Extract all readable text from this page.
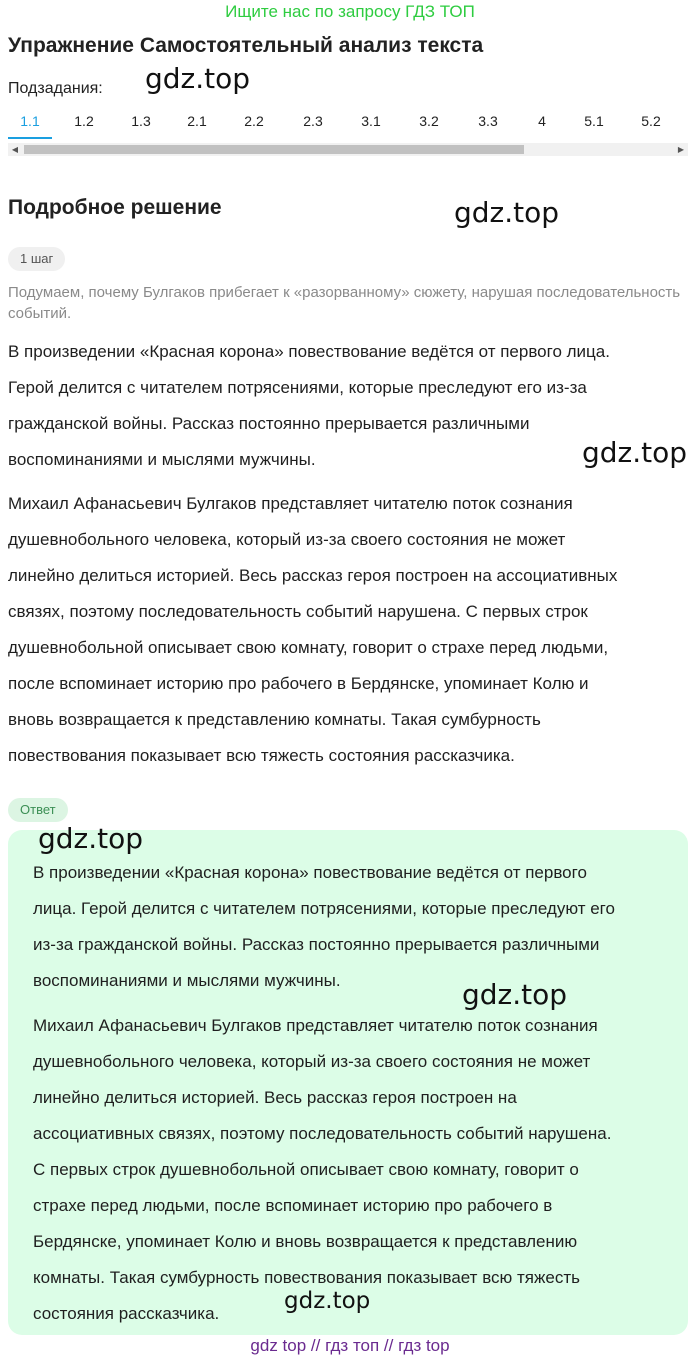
Ищите нас по запросу ГДЗ ТОП
Упражнение Самостоятельный анализ текста
Подзадания: gdz.top
1.1	1.2	1.3	2.1	2.2	2.3	3.1	3.2	3.3	4	5.1	5.2
◀	▶
Подробное решение	gdz.top
1 шаг

Подумаем, почему Булгаков прибегает к «разорванному» сюжету, нарушая последовательность событий.

В произведении «Красная корона» повествование ведётся от первого лица.
Герой делится с читателем потрясениями, которые преследуют его из-за
гражданской войны. Рассказ постоянно прерывается различными
воспоминаниями и мыслями мужчины.	gdz.top
Михаил Афанасьевич Булгаков представляет читателю поток сознания
душевнобольного человека, который из-за своего состояния не может
линейно делиться историей. Весь рассказ героя построен на ассоциативных
связях, поэтому последовательность событий нарушена. С первых строк
душевнобольной описывает свою комнату, говорит о страхе перед людьми,
после вспоминает историю про рабочего в Бердянске, упоминает Колю и
вновь возвращается к представлению комнаты. Такая сумбурность
повествования показывает всю тяжесть состояния рассказчика.
Ответ
В произведении «Красная корона» повествование ведётся от первого
лица. Герой делится с читателем потрясениями, которые преследуют его
из-за гражданской войны. Рассказ постоянно прерывается различными
воспоминаниями и мыслями мужчины.
Михаил Афанасьевич Булгаков представляет читателю поток сознания
душевнобольного человека, который из-за своего состояния не может
линейно делиться историей. Весь рассказ героя построен на
ассоциативных связях, поэтому последовательность событий нарушена.
С первых строк душевнобольной описывает свою комнату, говорит о
страхе перед людьми, после вспоминает историю про рабочего в
Бердянске, упоминает Колю и вновь возвращается к представлению
комнаты. Такая сумбурность повествования показывает всю тяжесть
состояния рассказчика.
gdz.top
gdz.top
gdz.top
gdz top // гдз топ // гдз top
